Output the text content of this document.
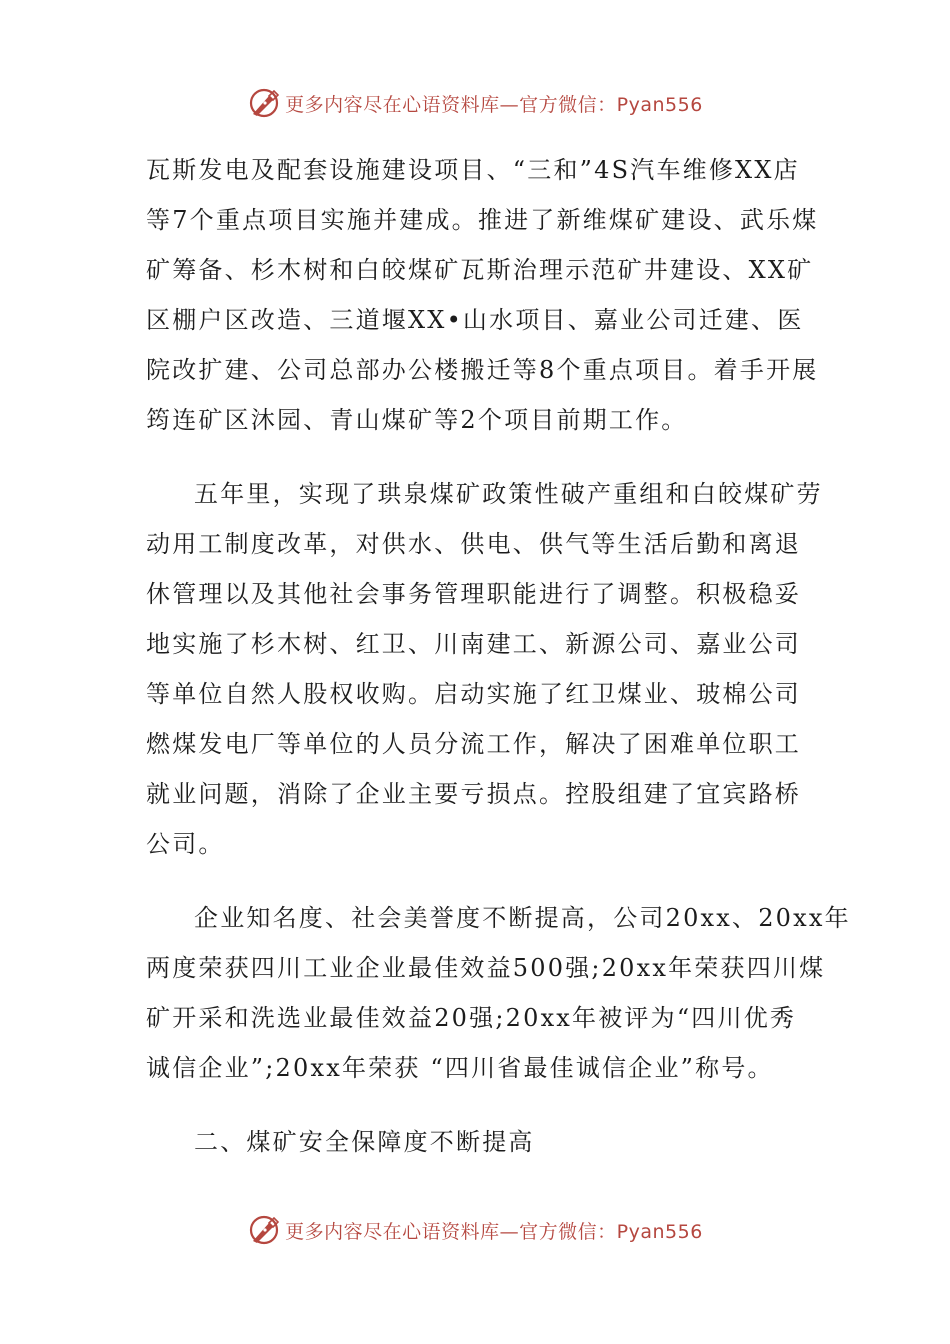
更多内容尽在心语资料库—官方微信：Pyan556
瓦斯发电及配套设施建设项目、“三和”4S汽车维修XX店
等7个重点项目实施并建成。推进了新维煤矿建设、武乐煤
矿筹备、杉木树和白皎煤矿瓦斯治理示范矿井建设、XX矿
区棚户区改造、三道堰XX•山水项目、嘉业公司迁建、医
院改扩建、公司总部办公楼搬迁等8个重点项目。着手开展
筠连矿区沐园、青山煤矿等2个项目前期工作。
五年里，实现了珙泉煤矿政策性破产重组和白皎煤矿劳
动用工制度改革，对供水、供电、供气等生活后勤和离退
休管理以及其他社会事务管理职能进行了调整。积极稳妥
地实施了杉木树、红卫、川南建工、新源公司、嘉业公司
等单位自然人股权收购。启动实施了红卫煤业、玻棉公司
燃煤发电厂等单位的人员分流工作，解决了困难单位职工
就业问题，消除了企业主要亏损点。控股组建了宜宾路桥
公司。
企业知名度、社会美誉度不断提高，公司20xx、20xx年
两度荣获四川工业企业最佳效益500强;20xx年荣获四川煤
矿开采和洗选业最佳效益20强;20xx年被评为“四川优秀
诚信企业”;20xx年荣获 “四川省最佳诚信企业”称号。
二、煤矿安全保障度不断提高
更多内容尽在心语资料库—官方微信：Pyan556
